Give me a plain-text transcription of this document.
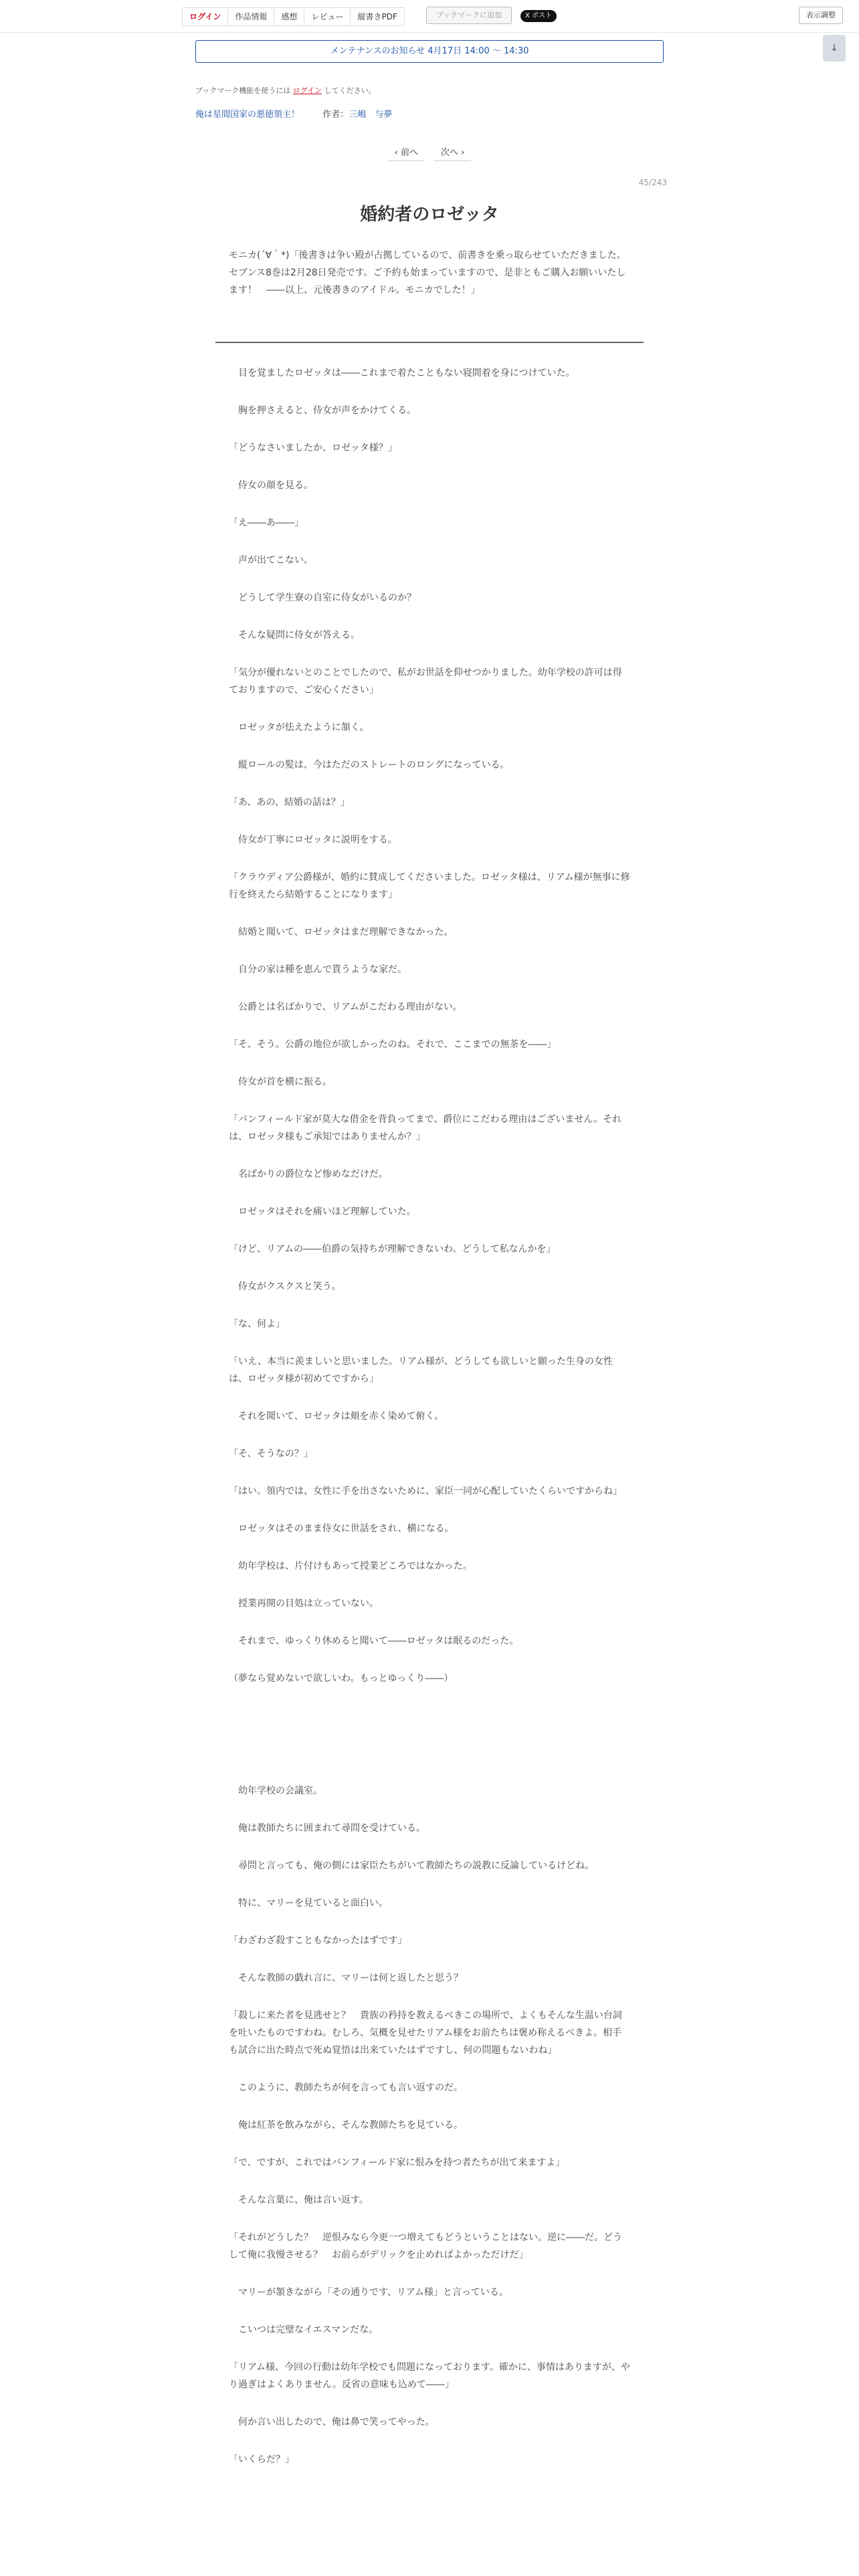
ログイン	作品情報	感想	レビュー	縦書きPDF	ブックマークに追加	X ポスト	表示調整
↓
メンテナンスのお知らせ 4月17日 14:00 ～ 14:30
ブックマーク機能を使うには ログイン してください。
俺は星間国家の悪徳領主！	作者：三嶋　与夢
‹ 前へ	次へ ›
45/243
婚約者のロゼッタ
モニカ(´∀｀*)「後書きは争い殿が占拠しているので、前書きを乗っ取らせていただきました。セブンス8巻は2月28日発売です。ご予約も始まっていますので、是非ともご購入お願いいたします！　――以上、元後書きのアイドル。モニカでした！」

　目を覚ましたロゼッタは――これまで着たこともない寝間着を身につけていた。

　胸を押さえると、侍女が声をかけてくる。

「どうなさいましたか、ロゼッタ様？」

　侍女の顔を見る。

「え――あ――」

　声が出てこない。

　どうして学生寮の自室に侍女がいるのか？

　そんな疑問に侍女が答える。

「気分が優れないとのことでしたので、私がお世話を仰せつかりました。幼年学校の許可は得ておりますので、ご安心ください」

　ロゼッタが怯えたように頷く。

　縦ロールの髪は、今はただのストレートのロングになっている。

「あ、あの、結婚の話は？」

　侍女が丁寧にロゼッタに説明をする。

「クラウディア公爵様が、婚約に賛成してくださいました。ロゼッタ様は、リアム様が無事に修行を終えたら結婚することになります」

　結婚と聞いて、ロゼッタはまだ理解できなかった。

　自分の家は種を恵んで貰うような家だ。

　公爵とは名ばかりで、リアムがこだわる理由がない。

「そ、そう。公爵の地位が欲しかったのね。それで、ここまでの無茶を――」

　侍女が首を横に振る。

「バンフィールド家が莫大な借金を背負ってまで、爵位にこだわる理由はございません。それは、ロゼッタ様もご承知ではありませんか？」

　名ばかりの爵位など惨めなだけだ。

　ロゼッタはそれを痛いほど理解していた。

「けど、リアムの――伯爵の気持ちが理解できないわ。どうして私なんかを」

　侍女がクスクスと笑う。

「な、何よ」

「いえ、本当に羨ましいと思いました。リアム様が、どうしても欲しいと願った生身の女性は、ロゼッタ様が初めてですから」

　それを聞いて、ロゼッタは頬を赤く染めて俯く。

「そ、そうなの？」

「はい。領内では、女性に手を出さないために、家臣一同が心配していたくらいですからね」

　ロゼッタはそのまま侍女に世話をされ、横になる。

　幼年学校は、片付けもあって授業どころではなかった。

　授業再開の目処は立っていない。

　それまで、ゆっくり休めると聞いて――ロゼッタは眠るのだった。

（夢なら覚めないで欲しいわ。もっとゆっくり――）

　幼年学校の会議室。

　俺は教師たちに囲まれて尋問を受けている。

　尋問と言っても、俺の側には家臣たちがいて教師たちの説教に反論しているけどね。

　特に、マリーを見ていると面白い。

「わざわざ殺すこともなかったはずです」

　そんな教師の戯れ言に、マリーは何と返したと思う？

「殺しに来た者を見逃せと？　貴族の矜持を教えるべきこの場所で、よくもそんな生温い台詞を吐いたものですわね。むしろ、気概を見せたリアム様をお前たちは褒め称えるべきよ。相手も試合に出た時点で死ぬ覚悟は出来ていたはずですし、何の問題もないわね」

　このように、教師たちが何を言っても言い返すのだ。

　俺は紅茶を飲みながら、そんな教師たちを見ている。

「で、ですが、これではバンフィールド家に恨みを持つ者たちが出て来ますよ」

　そんな言葉に、俺は言い返す。

「それがどうした？　逆恨みなら今更一つ増えてもどうということはない。逆に――だ。どうして俺に我慢させる？　お前らがデリックを止めればよかっただけだ」

　マリーが頷きながら「その通りです、リアム様」と言っている。

　こいつは完璧なイエスマンだな。

「リアム様、今回の行動は幼年学校でも問題になっております。確かに、事情はありますが、やり過ぎはよくありません。反省の意味も込めて――」

　何か言い出したので、俺は鼻で笑ってやった。

「いくらだ？」
